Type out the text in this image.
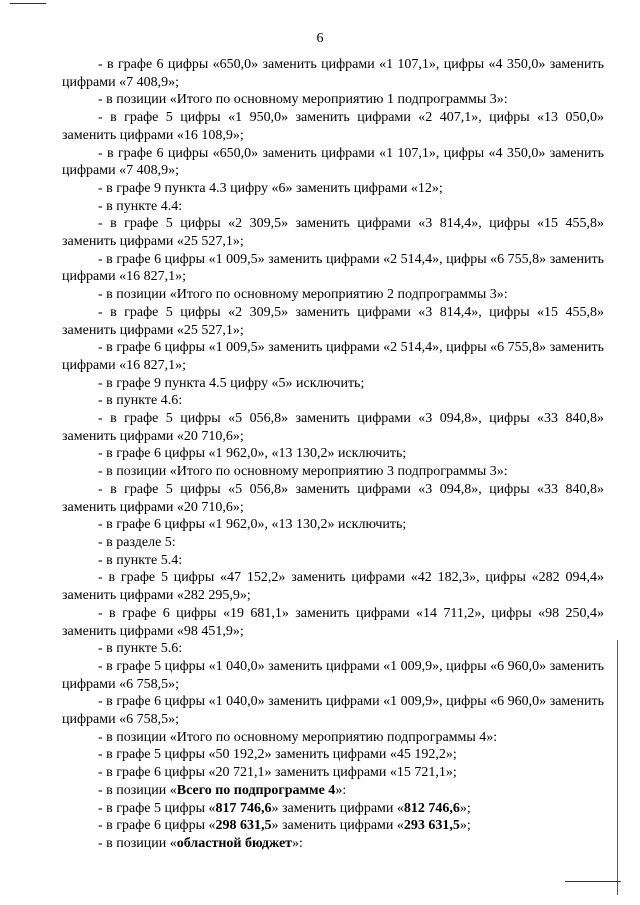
6

- в графе 6 цифры «650,0» заменить цифрами «1 107,1», цифры «4 350,0» заменить цифрами «7 408,9»;

- в позиции «Итого по основному мероприятию 1 подпрограммы 3»:

- в графе 5 цифры «1 950,0» заменить цифрами «2 407,1», цифры «13 050,0» заменить цифрами «16 108,9»;

- в графе 6 цифры «650,0» заменить цифрами «1 107,1», цифры «4 350,0» заменить цифрами «7 408,9»;

- в графе 9 пункта 4.3 цифру «6» заменить цифрами «12»;

- в пункте 4.4:

- в графе 5 цифры «2 309,5» заменить цифрами «3 814,4», цифры «15 455,8» заменить цифрами «25 527,1»;

- в графе 6 цифры «1 009,5» заменить цифрами «2 514,4», цифры «6 755,8» заменить цифрами «16 827,1»;

- в позиции «Итого по основному мероприятию 2 подпрограммы 3»:

- в графе 5 цифры «2 309,5» заменить цифрами «3 814,4», цифры «15 455,8» заменить цифрами «25 527,1»;

- в графе 6 цифры «1 009,5» заменить цифрами «2 514,4», цифры «6 755,8» заменить цифрами «16 827,1»;

- в графе 9 пункта 4.5 цифру «5» исключить;

- в пункте 4.6:

- в графе 5 цифры «5 056,8» заменить цифрами «3 094,8», цифры «33 840,8» заменить цифрами «20 710,6»;

- в графе 6 цифры «1 962,0», «13 130,2» исключить;

- в позиции «Итого по основному мероприятию 3 подпрограммы 3»:

- в графе 5 цифры «5 056,8» заменить цифрами «3 094,8», цифры «33 840,8» заменить цифрами «20 710,6»;

- в графе 6 цифры «1 962,0», «13 130,2» исключить;

- в разделе 5:

- в пункте 5.4:

- в графе 5 цифры «47 152,2» заменить цифрами «42 182,3», цифры «282 094,4» заменить цифрами «282 295,9»;

- в графе 6 цифры «19 681,1» заменить цифрами «14 711,2», цифры «98 250,4» заменить цифрами «98 451,9»;

- в пункте 5.6:

- в графе 5 цифры «1 040,0» заменить цифрами «1 009,9», цифры «6 960,0» заменить цифрами «6 758,5»;

- в графе 6 цифры «1 040,0» заменить цифрами «1 009,9», цифры «6 960,0» заменить цифрами «6 758,5»;

- в позиции «Итого по основному мероприятию подпрограммы 4»:

- в графе 5 цифры «50 192,2» заменить цифрами «45 192,2»;

- в графе 6 цифры «20 721,1» заменить цифрами «15 721,1»;

- в позиции «Всего по подпрограмме 4»:

- в графе 5 цифры «817 746,6» заменить цифрами «812 746,6»;

- в графе 6 цифры «298 631,5» заменить цифрами «293 631,5»;

- в позиции «областной бюджет»:
